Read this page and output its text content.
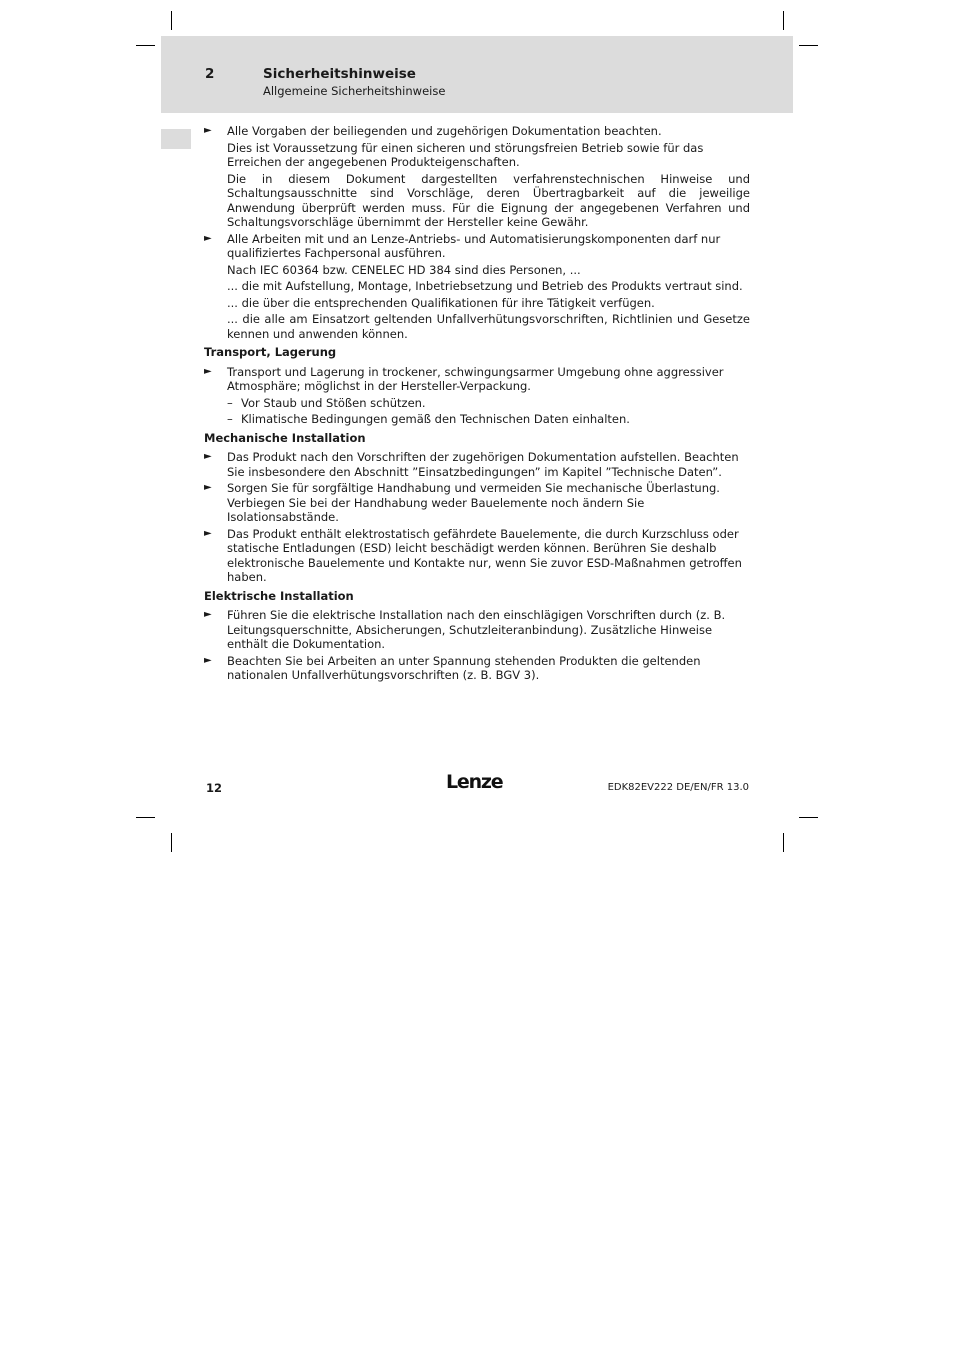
2	Sicherheitshinweise
Allgemeine Sicherheitshinweise
► Alle Vorgaben der beiliegenden und zugehörigen Dokumentation beachten.

Dies ist Voraussetzung für einen sicheren und störungsfreien Betrieb sowie für das Erreichen der angegebenen Produkteigenschaften.

Die in diesem Dokument dargestellten verfahrenstechnischen Hinweise und Schaltungsausschnitte sind Vorschläge, deren Übertragbarkeit auf die jeweilige Anwendung überprüft werden muss. Für die Eignung der angegebenen Verfahren und Schaltungsvorschläge übernimmt der Hersteller keine Gewähr.

► Alle Arbeiten mit und an Lenze-Antriebs- und Automatisierungskomponenten darf nur qualifiziertes Fachpersonal ausführen.

Nach IEC 60364 bzw. CENELEC HD 384 sind dies Personen, ...

... die mit Aufstellung, Montage, Inbetriebsetzung und Betrieb des Produkts vertraut sind.

... die über die entsprechenden Qualifikationen für ihre Tätigkeit verfügen.

... die alle am Einsatzort geltenden Unfallverhütungsvorschriften, Richtlinien und Gesetze kennen und anwenden können.

Transport, Lagerung
► Transport und Lagerung in trockener, schwingungsarmer Umgebung ohne aggressiver Atmosphäre; möglichst in der Hersteller-Verpackung.

– Vor Staub und Stößen schützen.
– Klimatische Bedingungen gemäß den Technischen Daten einhalten.
Mechanische Installation
► Das Produkt nach den Vorschriften der zugehörigen Dokumentation aufstellen. Beachten Sie insbesondere den Abschnitt ”Einsatzbedingungen” im Kapitel ”Technische Daten”.

► Sorgen Sie für sorgfältige Handhabung und vermeiden Sie mechanische Überlastung. Verbiegen Sie bei der Handhabung weder Bauelemente noch ändern Sie Isolationsabstände.

► Das Produkt enthält elektrostatisch gefährdete Bauelemente, die durch Kurzschluss oder statische Entladungen (ESD) leicht beschädigt werden können. Berühren Sie deshalb elektronische Bauelemente und Kontakte nur, wenn Sie zuvor ESD-Maßnahmen getroffen haben.

Elektrische Installation
► Führen Sie die elektrische Installation nach den einschlägigen Vorschriften durch (z. B. Leitungsquerschnitte, Absicherungen, Schutzleiteranbindung). Zusätzliche Hinweise enthält die Dokumentation.

► Beachten Sie bei Arbeiten an unter Spannung stehenden Produkten die geltenden nationalen Unfallverhütungsvorschriften (z. B. BGV 3).

12	Lenze	EDK82EV222 DE/EN/FR 13.0
